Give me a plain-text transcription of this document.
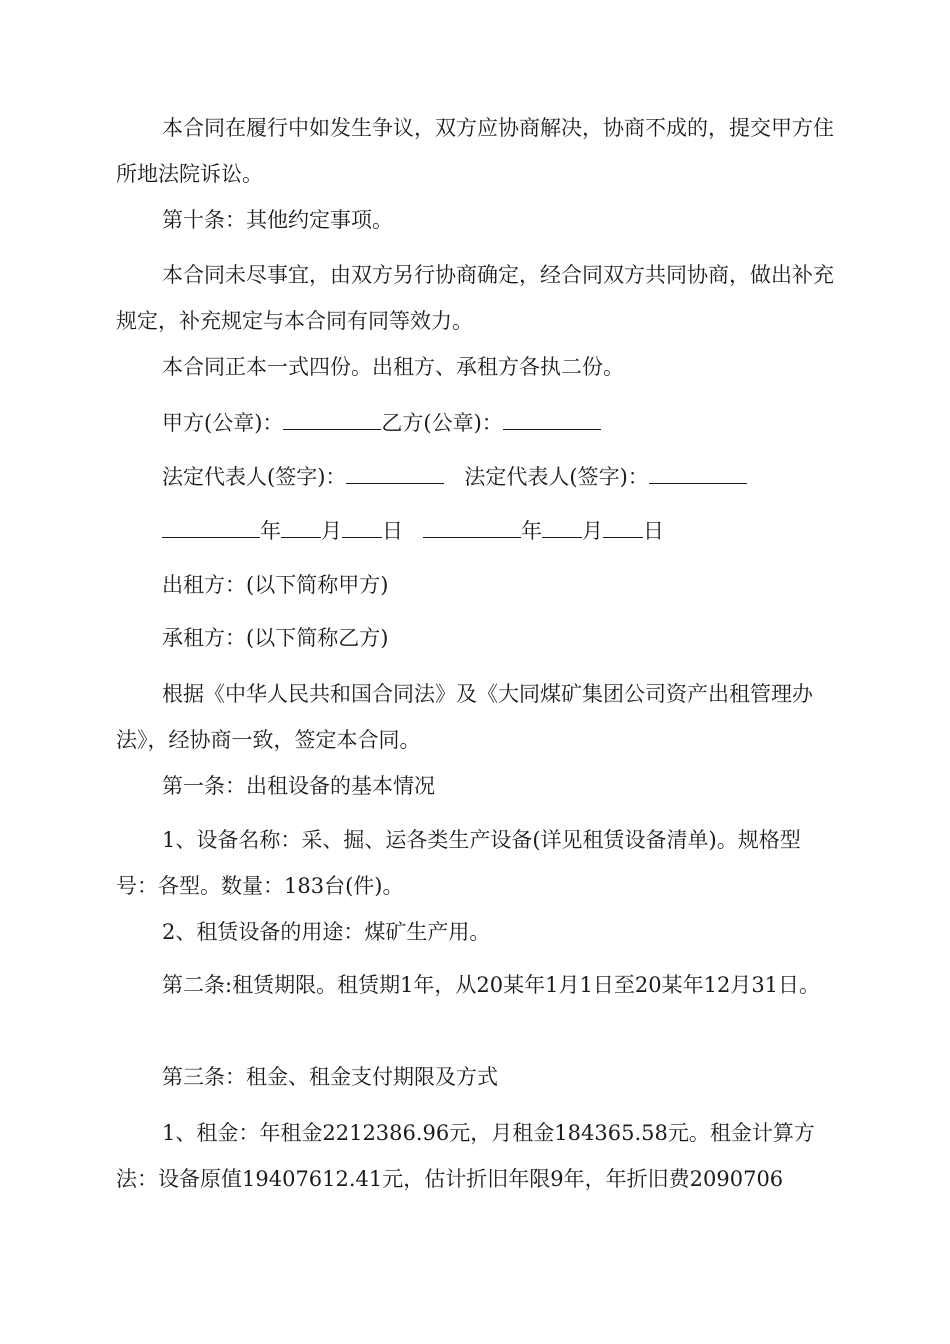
本合同在履行中如发生争议，双方应协商解决，协商不成的，提交甲方住所地法院诉讼。

第十条：其他约定事项。

本合同未尽事宜，由双方另行协商确定，经合同双方共同协商，做出补充规定，补充规定与本合同有同等效力。

本合同正本一式四份。出租方、承租方各执二份。

甲方(公章)：	乙方(公章)：
法定代表人(签字)：	法定代表人(签字)：
年 月 日	年 月 日

出租方：(以下简称甲方)

承租方：(以下简称乙方)

根据《中华人民共和国合同法》及《大同煤矿集团公司资产出租管理办法》，经协商一致，签定本合同。

第一条：出租设备的基本情况

1、设备名称：采、掘、运各类生产设备(详见租赁设备清单)。规格型号：各型。数量：183台(件)。

2、租赁设备的用途：煤矿生产用。

第二条:租赁期限。租赁期1年，从20某年1月1日至20某年12月31日。

第三条：租金、租金支付期限及方式

1、租金：年租金2212386.96元，月租金184365.58元。租金计算方法：设备原值19407612.41元，估计折旧年限9年，年折旧费2090706
